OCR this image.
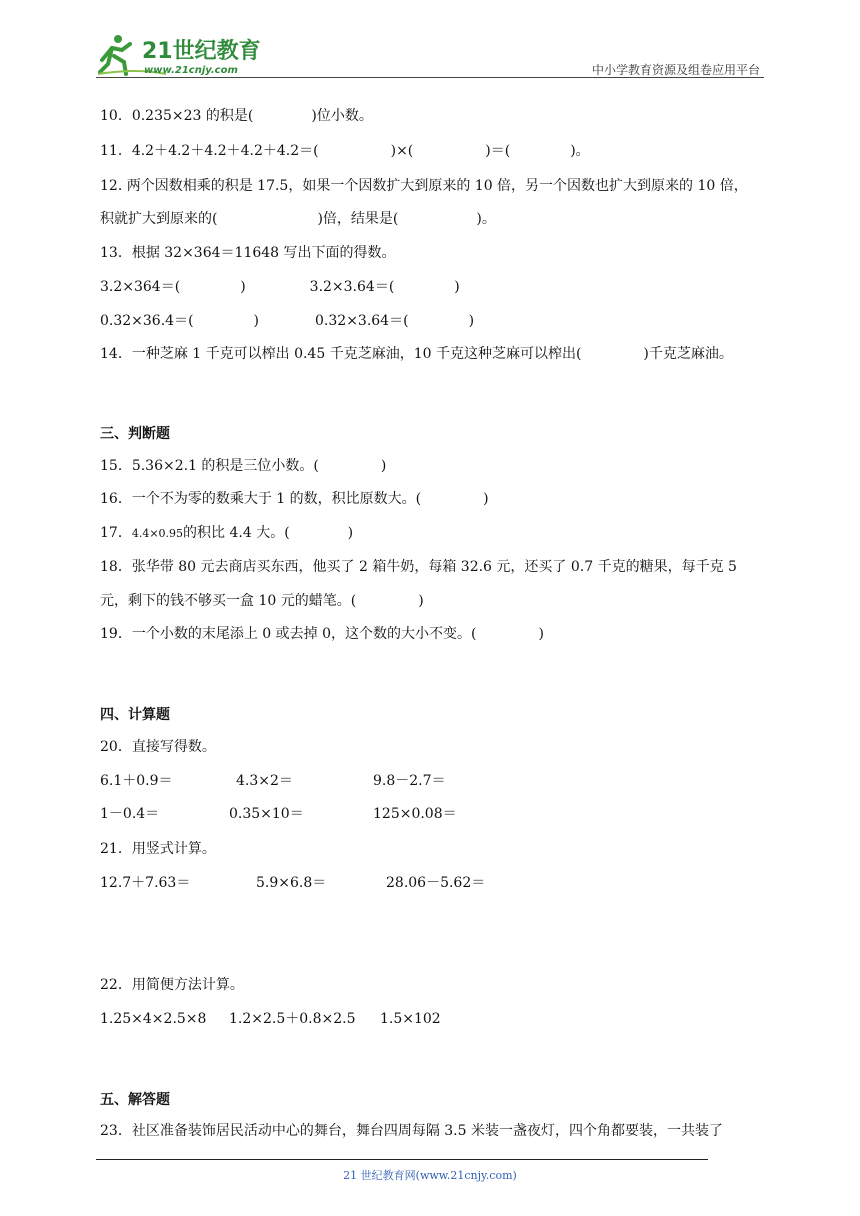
21世纪教育
www.21cnjy.com	中小学教育资源及组卷应用平台
10．0.235×23 的积是(	)位小数。
11．4.2＋4.2＋4.2＋4.2＋4.2＝(	)×(	)＝(	)。
12. 两个因数相乘的积是 17.5，如果一个因数扩大到原来的 10 倍，另一个因数也扩大到原来的 10 倍，
积就扩大到原来的(	)倍，结果是(	)。
13．根据 32×364＝11648 写出下面的得数。
3.2×364＝(	)	3.2×3.64＝(	)
0.32×36.4＝(	)	0.32×3.64＝(	)
14．一种芝麻 1 千克可以榨出 0.45 千克芝麻油，10 千克这种芝麻可以榨出(	)千克芝麻油。
三、判断题
15．5.36×2.1 的积是三位小数。(	)
16．一个不为零的数乘大于 1 的数，积比原数大。(	)
17．4.4×0.95的积比 4.4 大。(	)
18．张华带 80 元去商店买东西，他买了 2 箱牛奶，每箱 32.6 元，还买了 0.7 千克的糖果，每千克 5
元，剩下的钱不够买一盒 10 元的蜡笔。(	)
19．一个小数的末尾添上 0 或去掉 0，这个数的大小不变。(	)
四、计算题
20．直接写得数。
6.1＋0.9＝	4.3×2＝	9.8－2.7＝
1－0.4＝	0.35×10＝	125×0.08＝
21．用竖式计算。
12.7＋7.63＝	5.9×6.8＝	28.06－5.62＝
22．用简便方法计算。
1.25×4×2.5×8 1.2×2.5＋0.8×2.5 1.5×102
五、解答题
23．社区准备装饰居民活动中心的舞台，舞台四周每隔 3.5 米装一盏夜灯，四个角都要装，一共装了
21 世纪教育网(www.21cnjy.com)
